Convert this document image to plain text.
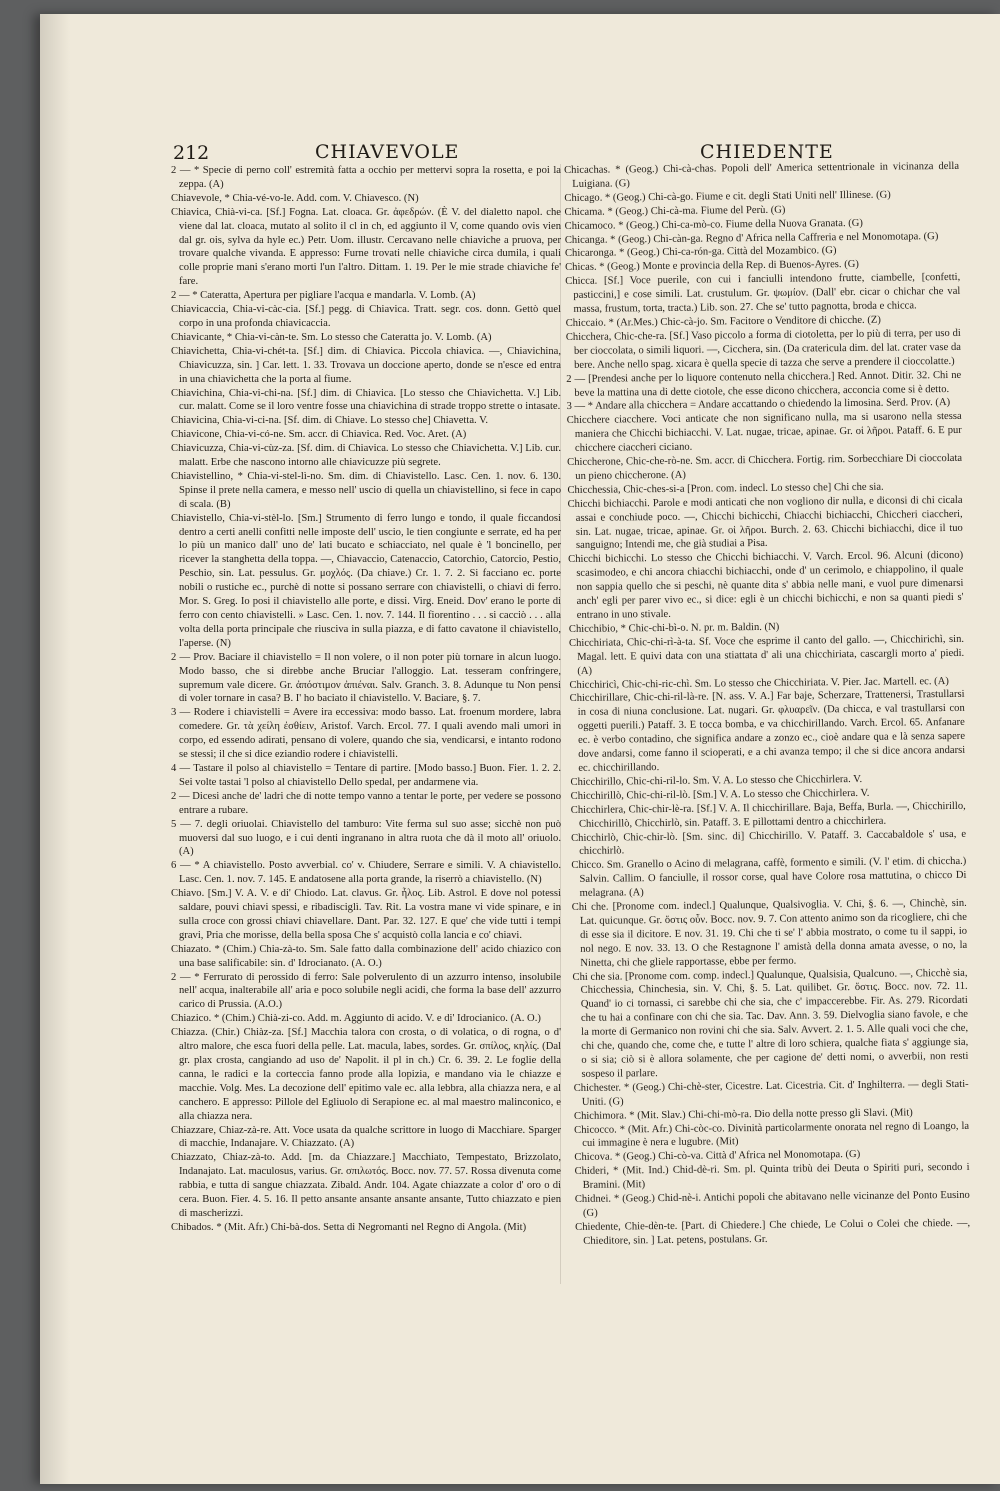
212	CHIAVEVOLE	CHIEDENTE

2 — * Specie di perno coll' estremità fatta a occhio per mettervi sopra la rosetta, e poi la zeppa. (A)

Chiavevole, * Chia-vé-vo-le. Add. com. V. Chiavesco. (N)

Chiavica, Chià-vi-ca. [Sf.] Fogna. Lat. cloaca. Gr. ἀφεδρών. (È V. del dialetto napol. che viene dal lat. cloaca, mutato al solito il cl in ch, ed aggiunto il V, come quando ovis vien dal gr. ois, sylva da hyle ec.) Petr. Uom. illustr. Cercavano nelle chiaviche a pruova, per trovare qualche vivanda. E appresso: Furne trovati nelle chiaviche circa dumila, i quali colle proprie mani s'erano morti l'un l'altro. Dittam. 1. 19. Per le mie strade chiaviche fe' fare.

2 — * Cateratta, Apertura per pigliare l'acqua e mandarla. V. Lomb. (A)

Chiavicaccia, Chia-vi-càc-cia. [Sf.] pegg. di Chiavica. Tratt. segr. cos. donn. Gettò quel corpo in una profonda chiavicaccia.

Chiavicante, * Chia-vi-càn-te. Sm. Lo stesso che Cateratta jo. V. Lomb. (A)

Chiavichetta, Chia-vi-chét-ta. [Sf.] dim. di Chiavica. Piccola chiavica. —, Chiavichina, Chiavicuzza, sin. ] Car. lett. 1. 33. Trovava un doccione aperto, donde se n'esce ed entra in una chiavichetta che la porta al fiume.

Chiavichina, Chia-vi-chi-na. [Sf.] dim. di Chiavica. [Lo stesso che Chiavichetta. V.] Lib. cur. malatt. Come se il loro ventre fosse una chiavichina di strade troppo strette o intasate.

Chiavicina, Chia-vi-ci-na. [Sf. dim. di Chiave. Lo stesso che] Chiavetta. V.

Chiavicone, Chia-vi-có-ne. Sm. accr. di Chiavica. Red. Voc. Aret. (A)

Chiavicuzza, Chia-vi-cùz-za. [Sf. dim. di Chiavica. Lo stesso che Chiavichetta. V.] Lib. cur. malatt. Erbe che nascono intorno alle chiavicuzze più segrete.

Chiavistellino, * Chia-vi-stel-lì-no. Sm. dim. di Chiavistello. Lasc. Cen. 1. nov. 6. 130. Spinse il prete nella camera, e messo nell' uscio di quella un chiavistellino, si fece in capo di scala. (B)

Chiavistello, Chia-vi-stèl-lo. [Sm.] Strumento di ferro lungo e tondo, il quale ficcandosi dentro a certi anelli confitti nelle imposte dell' uscio, le tien congiunte e serrate, ed ha per lo più un manico dall' uno de' lati bucato e schiacciato, nel quale è 'l boncinello, per ricever la stanghetta della toppa. —, Chiavaccio, Catenaccio, Catorchio, Catorcio, Pestio, Peschio, sin. Lat. pessulus. Gr. μοχλός. (Da chiave.) Cr. 1. 7. 2. Si facciano ec. porte nobili o rustiche ec., purchè di notte si possano serrare con chiavistelli, o chiavi di ferro. Mor. S. Greg. Io posi il chiavistello alle porte, e dissi. Virg. Eneid. Dov' erano le porte di ferro con cento chiavistelli. » Lasc. Cen. 1. nov. 7. 144. Il fiorentino . . . si cacciò . . . alla volta della porta principale che riusciva in sulla piazza, e di fatto cavatone il chiavistello, l'aperse. (N)

2 — Prov. Baciare il chiavistello = Il non volere, o il non poter più tornare in alcun luogo. Modo basso, che si direbbe anche Bruciar l'alloggio. Lat. tesseram confringere, supremum vale dicere. Gr. ἀπόστιμον ἀπιέναι. Salv. Granch. 3. 8. Adunque tu Non pensi di voler tornare in casa? B. I' ho baciato il chiavistello. V. Baciare, §. 7.

3 — Rodere i chiavistelli = Avere ira eccessiva: modo basso. Lat. froenum mordere, labra comedere. Gr. τὰ χείλη ἐσθίειν, Aristof. Varch. Ercol. 77. I quali avendo mali umori in corpo, ed essendo adirati, pensano di volere, quando che sia, vendicarsi, e intanto rodono se stessi; il che si dice eziandio rodere i chiavistelli.

4 — Tastare il polso al chiavistello = Tentare di partire. [Modo basso.] Buon. Fier. 1. 2. 2. Sei volte tastai 'l polso al chiavistello Dello spedal, per andarmene via.

2 — Dicesi anche de' ladri che di notte tempo vanno a tentar le porte, per vedere se possono entrare a rubare.

5 — 7. degli oriuolai. Chiavistello del tamburo: Vite ferma sul suo asse; sicchè non può muoversi dal suo luogo, e i cui denti ingranano in altra ruota che dà il moto all' oriuolo. (A)

6 — * A chiavistello. Posto avverbial. co' v. Chiudere, Serrare e simili. V. A chiavistello. Lasc. Cen. 1. nov. 7. 145. E andatosene alla porta grande, la riserrò a chiavistello. (N)

Chiavo. [Sm.] V. A. V. e di' Chiodo. Lat. clavus. Gr. ἧλος. Lib. Astrol. E dove nol potessi saldare, pouvi chiavi spessi, e ribadisciglì. Tav. Rit. La vostra mane vi vide spinare, e in sulla croce con grossi chiavi chiavellare. Dant. Par. 32. 127. E que' che vide tutti i tempi gravi, Pria che morisse, della bella sposa Che s' acquistò colla lancia e co' chiavi.

Chiazato. * (Chim.) Chia-zà-to. Sm. Sale fatto dalla combinazione dell' acido chiazico con una base salificabile: sin. d' Idrocianato. (A. O.)

2 — * Ferrurato di perossido di ferro: Sale polverulento di un azzurro intenso, insolubile nell' acqua, inalterabile all' aria e poco solubile negli acidi, che forma la base dell' azzurro carico di Prussia. (A.O.)

Chiazico. * (Chim.) Chià-zi-co. Add. m. Aggiunto di acido. V. e di' Idrocianico. (A. O.)

Chiazza. (Chir.) Chiàz-za. [Sf.] Macchia talora con crosta, o di volatica, o di rogna, o d' altro malore, che esca fuori della pelle. Lat. macula, labes, sordes. Gr. σπίλος, κηλίς. (Dal gr. plax crosta, cangiando ad uso de' Napolit. il pl in ch.) Cr. 6. 39. 2. Le foglie della canna, le radici e la corteccia fanno prode alla lopizia, e mandano via le chiazze e macchie. Volg. Mes. La decozione dell' epitimo vale ec. alla lebbra, alla chiazza nera, e al canchero. E appresso: Pillole del Egliuolo di Serapione ec. al mal maestro malinconico, e alla chiazza nera.

Chiazzare, Chiaz-zà-re. Att. Voce usata da qualche scrittore in luogo di Macchiare. Sparger di macchie, Indanajare. V. Chiazzato. (A)

Chiazzato, Chiaz-zà-to. Add. [m. da Chiazzare.] Macchiato, Tempestato, Brizzolato, Indanajato. Lat. maculosus, varius. Gr. σπιλωτός. Bocc. nov. 77. 57. Rossa divenuta come rabbia, e tutta di sangue chiazzata. Zibald. Andr. 104. Agate chiazzate a color d' oro o di cera. Buon. Fier. 4. 5. 16. Il petto ansante ansante ansante ansante, Tutto chiazzato e pien di mascherizzi.

Chibados. * (Mit. Afr.) Chi-bà-dos. Setta di Negromanti nel Regno di Angola. (Mit)

Chicachas. * (Geog.) Chi-cà-chas. Popoli dell' America settentrionale in vicinanza della Luigiana. (G)

Chicago. * (Geog.) Chi-cà-go. Fiume e cit. degli Stati Uniti nell' Illinese. (G)

Chicama. * (Geog.) Chi-cà-ma. Fiume del Perù. (G)

Chicamoco. * (Geog.) Chi-ca-mò-co. Fiume della Nuova Granata. (G)

Chicanga. * (Geog.) Chi-càn-ga. Regno d' Africa nella Caffreria e nel Monomotapa. (G)

Chicaronga. * (Geog.) Chi-ca-rón-ga. Città del Mozambico. (G)

Chicas. * (Geog.) Monte e provincia della Rep. di Buenos-Ayres. (G)

Chicca. [Sf.] Voce puerile, con cui i fanciulli intendono frutte, ciambelle, [confetti, pasticcini,] e cose simili. Lat. crustulum. Gr. ψωμίον. (Dall' ebr. cicar o chichar che val massa, frustum, torta, tracta.) Lib. son. 27. Che se' tutto pagnotta, broda e chicca.

Chiccaio. * (Ar.Mes.) Chic-cà-jo. Sm. Facitore o Venditore di chicche. (Z)

Chicchera, Chic-che-ra. [Sf.] Vaso piccolo a forma di ciotoletta, per lo più di terra, per uso di ber cioccolata, o simili liquori. —, Cicchera, sin. (Da cratericula dim. del lat. crater vase da bere. Anche nello spag. xicara è quella specie di tazza che serve a prendere il cioccolatte.)

2 — [Prendesi anche per lo liquore contenuto nella chicchera.] Red. Annot. Ditir. 32. Chi ne beve la mattina una di dette ciotole, che esse dicono chicchera, acconcia come si è detto.

3 — * Andare alla chicchera = Andare accattando o chiedendo la limosina. Serd. Prov. (A)

Chicchere ciacchere. Voci anticate che non significano nulla, ma si usarono nella stessa maniera che Chicchi bichiacchi. V. Lat. nugae, tricae, apinae. Gr. οἱ λῆροι. Pataff. 6. E pur chicchere ciaccheri ciciano.

Chiccherone, Chic-che-rò-ne. Sm. accr. di Chicchera. Fortig. rim. Sorbecchiare Di cioccolata un pieno chiccherone. (A)

Chicchessia, Chic-ches-si-a [Pron. com. indecl. Lo stesso che] Chi che sia.

Chicchi bichiacchi. Parole e modi anticati che non vogliono dir nulla, e diconsi di chi cicala assai e conchiude poco. —, Chicchi bichicchi, Chiacchi bichiacchi, Chiccheri ciaccheri, sin. Lat. nugae, tricae, apinae. Gr. οἱ λῆροι. Burch. 2. 63. Chicchi bichiacchi, dice il tuo sanguigno; Intendi me, che già studiai a Pisa.

Chicchi bichicchi. Lo stesso che Chicchi bichiacchi. V. Varch. Ercol. 96. Alcuni (dicono) scasimodeo, e chi ancora chiacchi bichiacchi, onde d' un cerimolo, e chiappolino, il quale non sappia quello che si peschi, nè quante dita s' abbia nelle mani, e vuol pure dimenarsi anch' egli per parer vivo ec., si dice: egli è un chicchi bichicchi, e non sa quanti piedi s' entrano in uno stivale.

Chicchibio, * Chic-chi-bì-o. N. pr. m. Baldin. (N)

Chicchiriata, Chic-chi-rì-à-ta. Sf. Voce che esprime il canto del gallo. —, Chicchirichì, sin. Magal. lett. E quivi data con una stiattata d' ali una chicchiriata, cascargli morto a' piedi. (A)

Chicchiricì, Chic-chi-ric-chì. Sm. Lo stesso che Chicchiriata. V. Pier. Jac. Martell. ec. (A)

Chicchirillare, Chic-chi-ril-là-re. [N. ass. V. A.] Far baje, Scherzare, Trattenersi, Trastullarsi in cosa di niuna conclusione. Lat. nugari. Gr. φλυαρεῖν. (Da chicca, e val trastullarsi con oggetti puerili.) Pataff. 3. E tocca bomba, e va chicchirillando. Varch. Ercol. 65. Anfanare ec. è verbo contadino, che significa andare a zonzo ec., cioè andare qua e là senza sapere dove andarsi, come fanno il scioperati, e a chi avanza tempo; il che si dice ancora andarsi ec. chicchirillando.

Chicchirillo, Chic-chi-ril-lo. Sm. V. A. Lo stesso che Chicchirlera. V.

Chicchirillò, Chic-chi-ril-lò. [Sm.] V. A. Lo stesso che Chicchirlera. V.

Chicchirlera, Chic-chir-lè-ra. [Sf.] V. A. Il chicchirillare. Baja, Beffa, Burla. —, Chicchirillo, Chicchirillò, Chicchirlò, sin. Pataff. 3. E pillottami dentro a chicchirlera.

Chicchirlò, Chic-chir-lò. [Sm. sinc. di] Chicchirillo. V. Pataff. 3. Caccabaldole s' usa, e chicchirlò.

Chicco. Sm. Granello o Acino di melagrana, caffè, formento e simili. (V. l' etim. di chiccha.) Salvin. Callim. O fanciulle, il rossor corse, qual have Colore rosa mattutina, o chicco Di melagrana. (A)

Chi che. [Pronome com. indecl.] Qualunque, Qualsivoglia. V. Chi, §. 6. —, Chinchè, sin. Lat. quicunque. Gr. ὅστις οὖν. Bocc. nov. 9. 7. Con attento animo son da ricogliere, chi che di esse sia il dicitore. E nov. 31. 19. Chi che ti se' l' abbia mostrato, o come tu il sappi, io nol nego. E nov. 33. 13. O che Restagnone l' amistà della donna amata avesse, o no, la Ninetta, chi che gliele rapportasse, ebbe per fermo.

Chi che sia. [Pronome com. comp. indecl.] Qualunque, Qualsisia, Qualcuno. —, Chicchè sia, Chicchessia, Chinchesia, sin. V. Chi, §. 5. Lat. quilibet. Gr. ὅστις. Bocc. nov. 72. 11. Quand' io ci tornassi, ci sarebbe chi che sia, che c' impaccerebbe. Fir. As. 279. Ricordati che tu hai a confinare con chi che sia. Tac. Dav. Ann. 3. 59. Dielvoglia siano favole, e che la morte di Germanico non rovini chi che sia. Salv. Avvert. 2. 1. 5. Alle quali voci che che, chi che, quando che, come che, e tutte l' altre di loro schiera, qualche fiata s' aggiunge sia, o si sia; ciò si è allora solamente, che per cagione de' detti nomi, o avverbii, non resti sospeso il parlare.

Chichester. * (Geog.) Chi-chè-ster, Cicestre. Lat. Cicestria. Cit. d' Inghilterra. — degli Stati-Uniti. (G)

Chichimora. * (Mit. Slav.) Chi-chi-mò-ra. Dio della notte presso gli Slavi. (Mit)

Chicocco. * (Mit. Afr.) Chi-còc-co. Divinità particolarmente onorata nel regno di Loango, la cui immagine è nera e lugubre. (Mit)

Chicova. * (Geog.) Chi-cò-va. Città d' Africa nel Monomotapa. (G)

Chideri, * (Mit. Ind.) Chid-dè-ri. Sm. pl. Quinta tribù dei Deuta o Spiriti puri, secondo i Bramini. (Mit)

Chidnei. * (Geog.) Chid-nè-i. Antichi popoli che abitavano nelle vicinanze del Ponto Eusino (G)

Chiedente, Chie-dèn-te. [Part. di Chiedere.] Che chiede, Le Colui o Colei che chiede. —, Chieditore, sin. ] Lat. petens, postulans. Gr.
